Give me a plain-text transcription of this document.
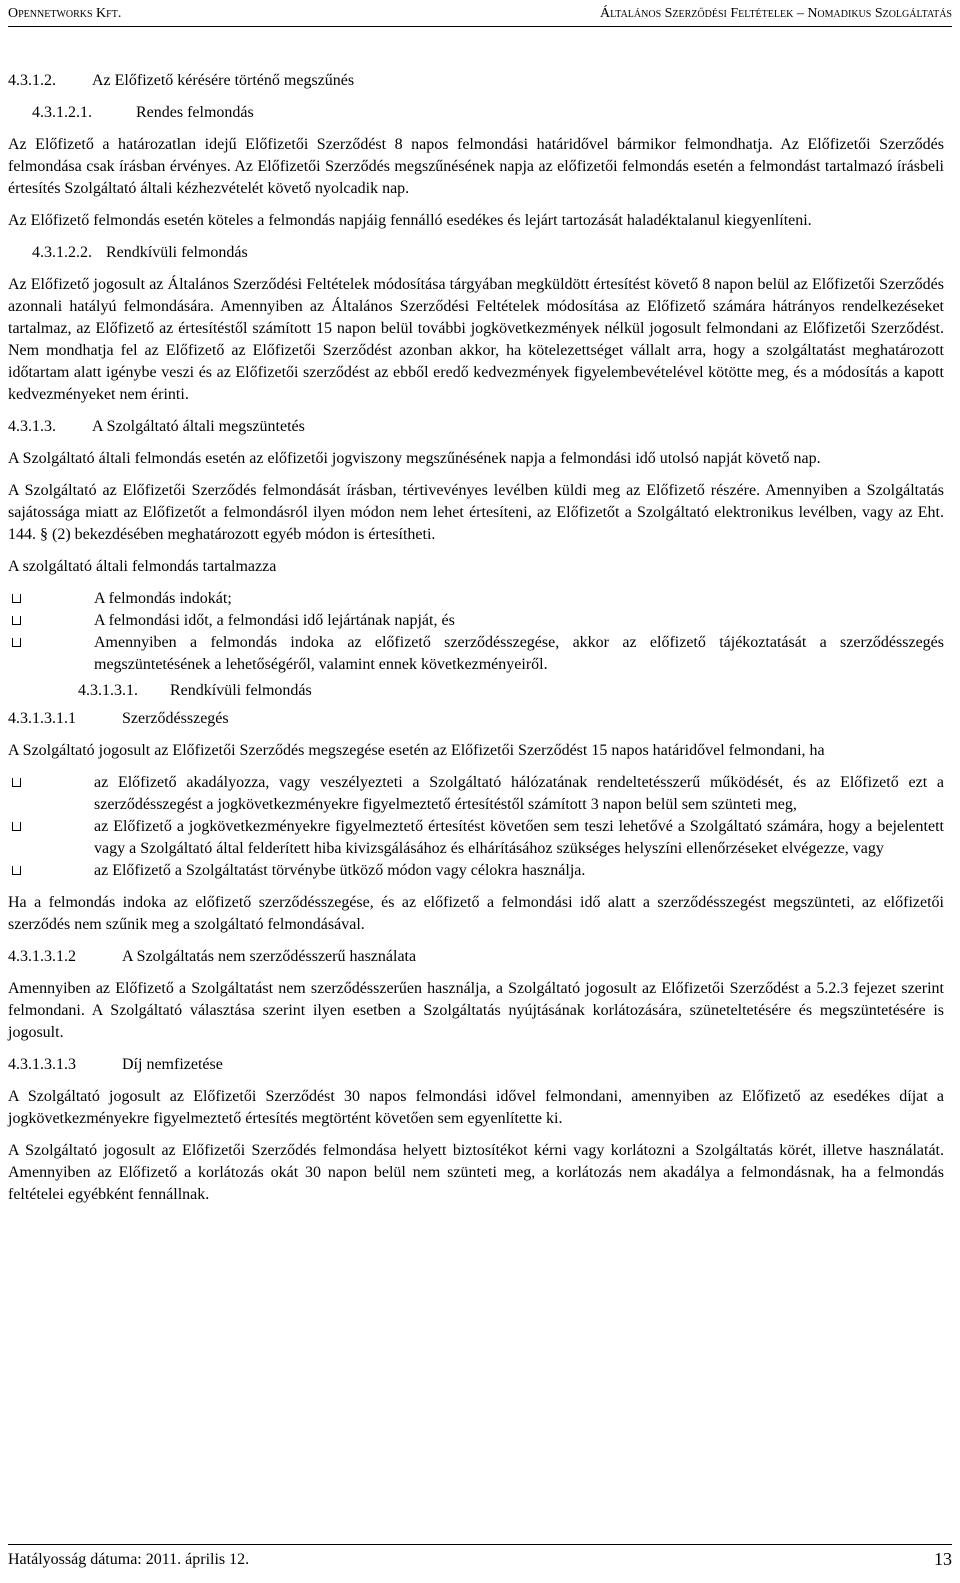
Opennetworks Kft.	Általános Szerződési Feltételek – Nomadikus Szolgáltatás

4.3.1.2. Az Előfizető kérésére történő megszűnés

4.3.1.2.1.	Rendes felmondás

Az Előfizető a határozatlan idejű Előfizetői Szerződést 8 napos felmondási határidővel bármikor felmondhatja. Az Előfizetői Szerződés felmondása csak írásban érvényes. Az Előfizetői Szerződés megszűnésének napja az előfizetői felmondás esetén a felmondást tartalmazó írásbeli értesítés Szolgáltató általi kézhezvételét követő nyolcadik nap.

Az Előfizető felmondás esetén köteles a felmondás napjáig fennálló esedékes és lejárt tartozását haladéktalanul kiegyenlíteni.

4.3.1.2.2. Rendkívüli felmondás

Az Előfizető jogosult az Általános Szerződési Feltételek módosítása tárgyában megküldött értesítést követő 8 napon belül az Előfizetői Szerződés azonnali hatályú felmondására. Amennyiben az Általános Szerződési Feltételek módosítása az Előfizető számára hátrányos rendelkezéseket tartalmaz, az Előfizető az értesítéstől számított 15 napon belül további jogkövetkezmények nélkül jogosult felmondani az Előfizetői Szerződést. Nem mondhatja fel az Előfizető az Előfizetői Szerződést azonban akkor, ha kötelezettséget vállalt arra, hogy a szolgáltatást meghatározott időtartam alatt igénybe veszi és az Előfizetői szerződést az ebből eredő kedvezmények figyelembevételével kötötte meg, és a módosítás a kapott kedvezményeket nem érinti.

4.3.1.3. A Szolgáltató általi megszüntetés

A Szolgáltató általi felmondás esetén az előfizetői jogviszony megszűnésének napja a felmondási idő utolsó napját követő nap.

A Szolgáltató az Előfizetői Szerződés felmondását írásban, tértivevényes levélben küldi meg az Előfizető részére. Amennyiben a Szolgáltatás sajátossága miatt az Előfizetőt a felmondásról ilyen módon nem lehet értesíteni, az Előfizetőt a Szolgáltató elektronikus levélben, vagy az Eht. 144. § (2) bekezdésében meghatározott egyéb módon is értesítheti.

A szolgáltató általi felmondás tartalmazza

A felmondás indokát;
A felmondási időt, a felmondási idő lejártának napját, és
Amennyiben a felmondás indoka az előfizető szerződésszegése, akkor az előfizető tájékoztatását a szerződésszegés megszüntetésének a lehetőségéről, valamint ennek következményeiről.

4.3.1.3.1. Rendkívüli felmondás

4.3.1.3.1.1	Szerződésszegés

A Szolgáltató jogosult az Előfizetői Szerződés megszegése esetén az Előfizetői Szerződést 15 napos határidővel felmondani, ha

az Előfizető akadályozza, vagy veszélyezteti a Szolgáltató hálózatának rendeltetésszerű működését, és az Előfizető ezt a szerződésszegést a jogkövetkezményekre figyelmeztető értesítéstől számított 3 napon belül sem szünteti meg,
az Előfizető a jogkövetkezményekre figyelmeztető értesítést követően sem teszi lehetővé a Szolgáltató számára, hogy a bejelentett vagy a Szolgáltató által felderített hiba kivizsgálásához és elhárításához szükséges helyszíni ellenőrzéseket elvégezze, vagy
az Előfizető a Szolgáltatást törvénybe ütköző módon vagy célokra használja.

Ha a felmondás indoka az előfizető szerződésszegése, és az előfizető a felmondási idő alatt a szerződésszegést megszünteti, az előfizetői szerződés nem szűnik meg a szolgáltató felmondásával.

4.3.1.3.1.2	A Szolgáltatás nem szerződésszerű használata

Amennyiben az Előfizető a Szolgáltatást nem szerződésszerűen használja, a Szolgáltató jogosult az Előfizetői Szerződést a 5.2.3 fejezet szerint felmondani. A Szolgáltató választása szerint ilyen esetben a Szolgáltatás nyújtásának korlátozására, szüneteltetésére és megszüntetésére is jogosult.

4.3.1.3.1.3	Díj nemfizetése

A Szolgáltató jogosult az Előfizetői Szerződést 30 napos felmondási idővel felmondani, amennyiben az Előfizető az esedékes díjat a jogkövetkezményekre figyelmeztető értesítés megtörtént követően sem egyenlítette ki.

A Szolgáltató jogosult az Előfizetői Szerződés felmondása helyett biztosítékot kérni vagy korlátozni a Szolgáltatás körét, illetve használatát. Amennyiben az Előfizető a korlátozás okát 30 napon belül nem szünteti meg, a korlátozás nem akadálya a felmondásnak, ha a felmondás feltételei egyébként fennállnak.

Hatályosság dátuma: 2011. április 12.	13
